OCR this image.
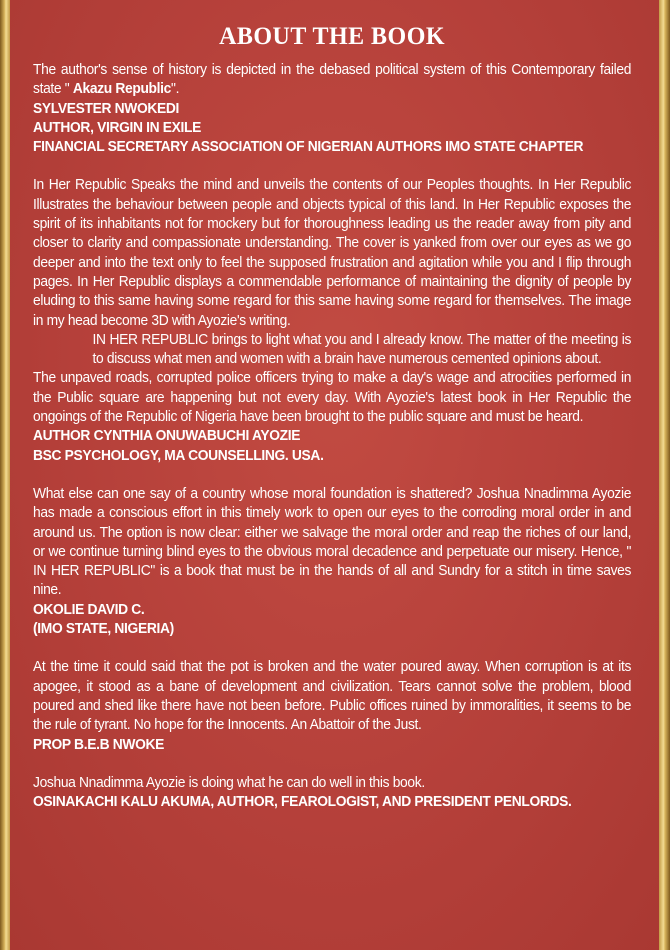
ABOUT THE BOOK

The author's sense of history is depicted in the debased political system of this Contemporary failed state " Akazu Republic".

SYLVESTER NWOKEDI

AUTHOR, VIRGIN IN EXILE

FINANCIAL SECRETARY ASSOCIATION OF NIGERIAN AUTHORS IMO STATE CHAPTER

In Her Republic Speaks the mind and unveils the contents of our Peoples thoughts. In Her Republic Illustrates the behaviour between people and objects typical of this land. In Her Republic exposes the spirit of its inhabitants not for mockery but for thoroughness leading us the reader away from pity and closer to clarity and compassionate understanding. The cover is yanked from over our eyes as we go deeper and into the text only to feel the supposed frustration and agitation while you and I flip through pages. In Her Republic displays a commendable performance of maintaining the dignity of people by eluding to this same having some regard for this same having some regard for themselves. The image in my head become 3D with Ayozie's writing.

IN HER REPUBLIC brings to light what you and I already know. The matter of the meeting is to discuss what men and women with a brain have numerous cemented opinions about.

The unpaved roads, corrupted police officers trying to make a day's wage and atrocities performed in the Public square are happening but not every day. With Ayozie's latest book in Her Republic the ongoings of the Republic of Nigeria have been brought to the public square and must be heard.

AUTHOR CYNTHIA ONUWABUCHI AYOZIE

BSC PSYCHOLOGY, MA COUNSELLING. USA.

What else can one say of a country whose moral foundation is shattered? Joshua Nnadimma Ayozie has made a conscious effort in this timely work to open our eyes to the corroding moral order in and around us. The option is now clear: either we salvage the moral order and reap the riches of our land, or we continue turning blind eyes to the obvious moral decadence and perpetuate our misery. Hence, " IN HER REPUBLIC" is a book that must be in the hands of all and Sundry for a stitch in time saves nine.

OKOLIE DAVID C.

(IMO STATE, NIGERIA)

At the time it could said that the pot is broken and the water poured away. When corruption is at its apogee, it stood as a bane of development and civilization. Tears cannot solve the problem, blood poured and shed like there have not been before. Public offices ruined by immoralities, it seems to be the rule of tyrant. No hope for the Innocents. An Abattoir of the Just.

PROP B.E.B NWOKE

Joshua Nnadimma Ayozie is doing what he can do well in this book.

OSINAKACHI KALU AKUMA, AUTHOR, FEAROLOGIST, AND PRESIDENT PENLORDS.
